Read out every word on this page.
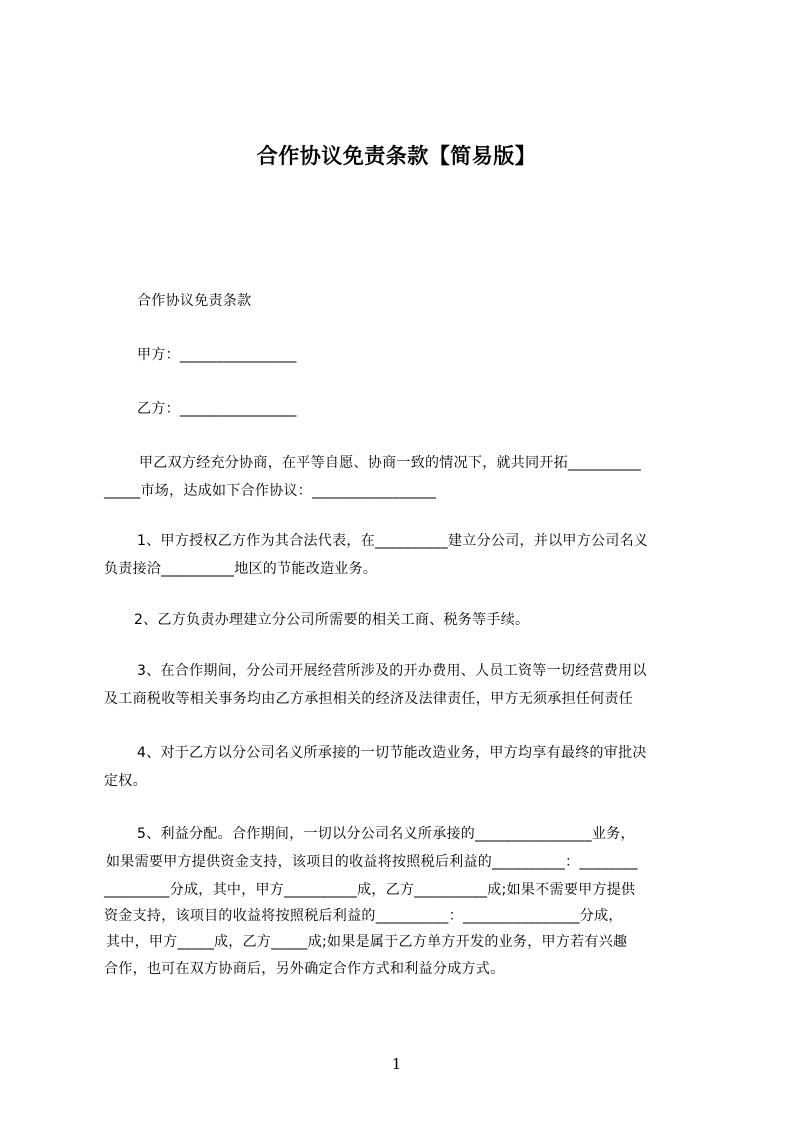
合作协议免责条款【简易版】
合作协议免责条款
甲方：________________
乙方：________________
甲乙双方经充分协商，在平等自愿、协商一致的情况下，就共同开拓__________
_____市场，达成如下合作协议：_________________
1、甲方授权乙方作为其合法代表，在__________建立分公司，并以甲方公司名义
负责接洽__________地区的节能改造业务。
2、乙方负责办理建立分公司所需要的相关工商、税务等手续。
3、在合作期间，分公司开展经营所涉及的开办费用、人员工资等一切经营费用以
及工商税收等相关事务均由乙方承担相关的经济及法律责任，甲方无须承担任何责任
4、对于乙方以分公司名义所承接的一切节能改造业务，甲方均享有最终的审批决
定权。
5、利益分配。合作期间，一切以分公司名义所承接的________________业务，
如果需要甲方提供资金支持，该项目的收益将按照税后利益的__________：________
_________分成，其中，甲方__________成，乙方__________成;如果不需要甲方提供
资金支持，该项目的收益将按照税后利益的__________：________________分成，
其中，甲方_____成，乙方_____成;如果是属于乙方单方开发的业务，甲方若有兴趣
合作，也可在双方协商后，另外确定合作方式和利益分成方式。
1
